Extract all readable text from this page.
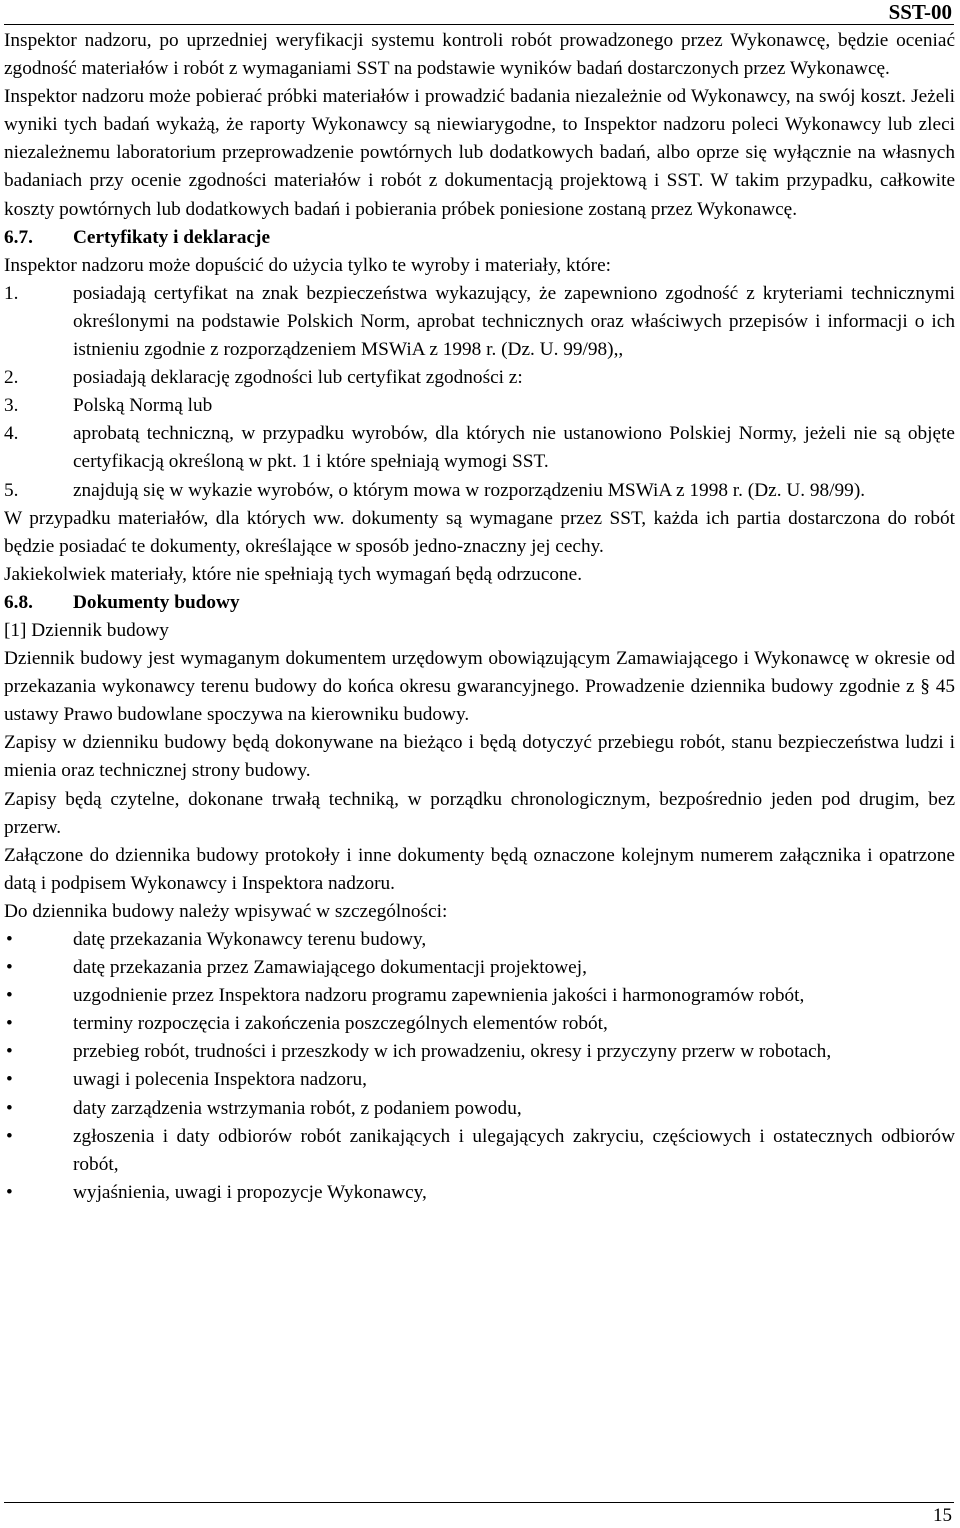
SST-00

Inspektor nadzoru, po uprzedniej weryfikacji systemu kontroli robót prowadzonego przez Wykonawcę, będzie oceniać zgodność materiałów i robót z wymaganiami SST na podstawie wyników badań dostarczonych przez Wykonawcę.

Inspektor nadzoru może pobierać próbki materiałów i prowadzić badania niezależnie od Wykonawcy, na swój koszt. Jeżeli wyniki tych badań wykażą, że raporty Wykonawcy są niewiarygodne, to Inspektor nadzoru poleci Wykonawcy lub zleci niezależnemu laboratorium przeprowadzenie powtórnych lub dodatkowych badań, albo oprze się wyłącznie na własnych badaniach przy ocenie zgodności materiałów i robót z dokumentacją projektową i SST. W takim przypadku, całkowite koszty powtórnych lub dodatkowych badań i pobierania próbek poniesione zostaną przez Wykonawcę.

6.7.	Certyfikaty i deklaracje

Inspektor nadzoru może dopuścić do użycia tylko te wyroby i materiały, które:

1.	posiadają certyfikat na znak bezpieczeństwa wykazujący, że zapewniono zgodność z kryteriami technicznymi określonymi na podstawie Polskich Norm, aprobat technicznych oraz właściwych przepisów i informacji o ich istnieniu zgodnie z rozporządzeniem MSWiA z 1998 r. (Dz. U. 99/98),,
2.	posiadają deklarację zgodności lub certyfikat zgodności z:
3.	Polską Normą lub
4.	aprobatą techniczną, w przypadku wyrobów, dla których nie ustanowiono Polskiej Normy, jeżeli nie są objęte certyfikacją określoną w pkt. 1 i które spełniają wymogi SST.
5.	znajdują się w wykazie wyrobów, o którym mowa w rozporządzeniu MSWiA z 1998 r. (Dz. U. 98/99).

W przypadku materiałów, dla których ww. dokumenty są wymagane przez SST, każda ich partia dostarczona do robót będzie posiadać te dokumenty, określające w sposób jedno-znaczny jej cechy.

Jakiekolwiek materiały, które nie spełniają tych wymagań będą odrzucone.

6.8.	Dokumenty budowy

[1] Dziennik budowy

Dziennik budowy jest wymaganym dokumentem urzędowym obowiązującym Zamawiającego i Wykonawcę w okresie od przekazania wykonawcy terenu budowy do końca okresu gwarancyjnego. Prowadzenie dziennika budowy zgodnie z § 45 ustawy Prawo budowlane spoczywa na kierowniku budowy.

Zapisy w dzienniku budowy będą dokonywane na bieżąco i będą dotyczyć przebiegu robót, stanu bezpieczeństwa ludzi i mienia oraz technicznej strony budowy.

Zapisy będą czytelne, dokonane trwałą techniką, w porządku chronologicznym, bezpośrednio jeden pod drugim, bez przerw.

Załączone do dziennika budowy protokoły i inne dokumenty będą oznaczone kolejnym numerem załącznika i opatrzone datą i podpisem Wykonawcy i Inspektora nadzoru.

Do dziennika budowy należy wpisywać w szczególności:

•	datę przekazania Wykonawcy terenu budowy,
•	datę przekazania przez Zamawiającego dokumentacji projektowej,
•	uzgodnienie przez Inspektora nadzoru programu zapewnienia jakości i harmonogramów robót,
•	terminy rozpoczęcia i zakończenia poszczególnych elementów robót,
•	przebieg robót, trudności i przeszkody w ich prowadzeniu, okresy i przyczyny przerw w robotach,
•	uwagi i polecenia Inspektora nadzoru,
•	daty zarządzenia wstrzymania robót, z podaniem powodu,
•	zgłoszenia i daty odbiorów robót zanikających i ulegających zakryciu, częściowych i ostatecznych odbiorów robót,
•	wyjaśnienia, uwagi i propozycje Wykonawcy,
15
